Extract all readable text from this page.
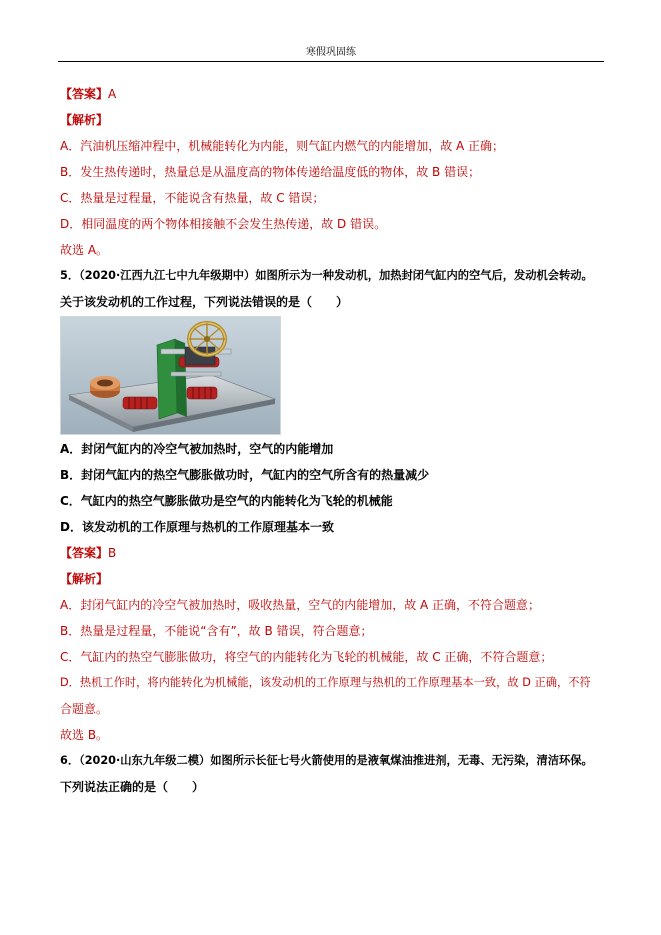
寒假巩固练
【答案】A
【解析】
A．汽油机压缩冲程中，机械能转化为内能，则气缸内燃气的内能增加，故 A 正确；
B．发生热传递时，热量总是从温度高的物体传递给温度低的物体，故 B 错误；
C．热量是过程量，不能说含有热量，故 C 错误；
D．相同温度的两个物体相接触不会发生热传递，故 D 错误。
故选 A。
5．（2020·江西九江七中九年级期中）如图所示为一种发动机，加热封闭气缸内的空气后，发动机会转动。
关于该发动机的工作过程，下列说法错误的是（　　）
A．封闭气缸内的冷空气被加热时，空气的内能增加
B．封闭气缸内的热空气膨胀做功时，气缸内的空气所含有的热量减少
C．气缸内的热空气膨胀做功是空气的内能转化为飞轮的机械能
D．该发动机的工作原理与热机的工作原理基本一致
【答案】B
【解析】
A．封闭气缸内的冷空气被加热时，吸收热量，空气的内能增加，故 A 正确，不符合题意；
B．热量是过程量，不能说“含有”，故 B 错误，符合题意；
C．气缸内的热空气膨胀做功，将空气的内能转化为飞轮的机械能，故 C 正确，不符合题意；
D．热机工作时，将内能转化为机械能，该发动机的工作原理与热机的工作原理基本一致，故 D 正确，不符
合题意。
故选 B。
6．（2020·山东九年级二模）如图所示长征七号火箭使用的是液氧煤油推进剂，无毒、无污染，清洁环保。
下列说法正确的是（　　）
